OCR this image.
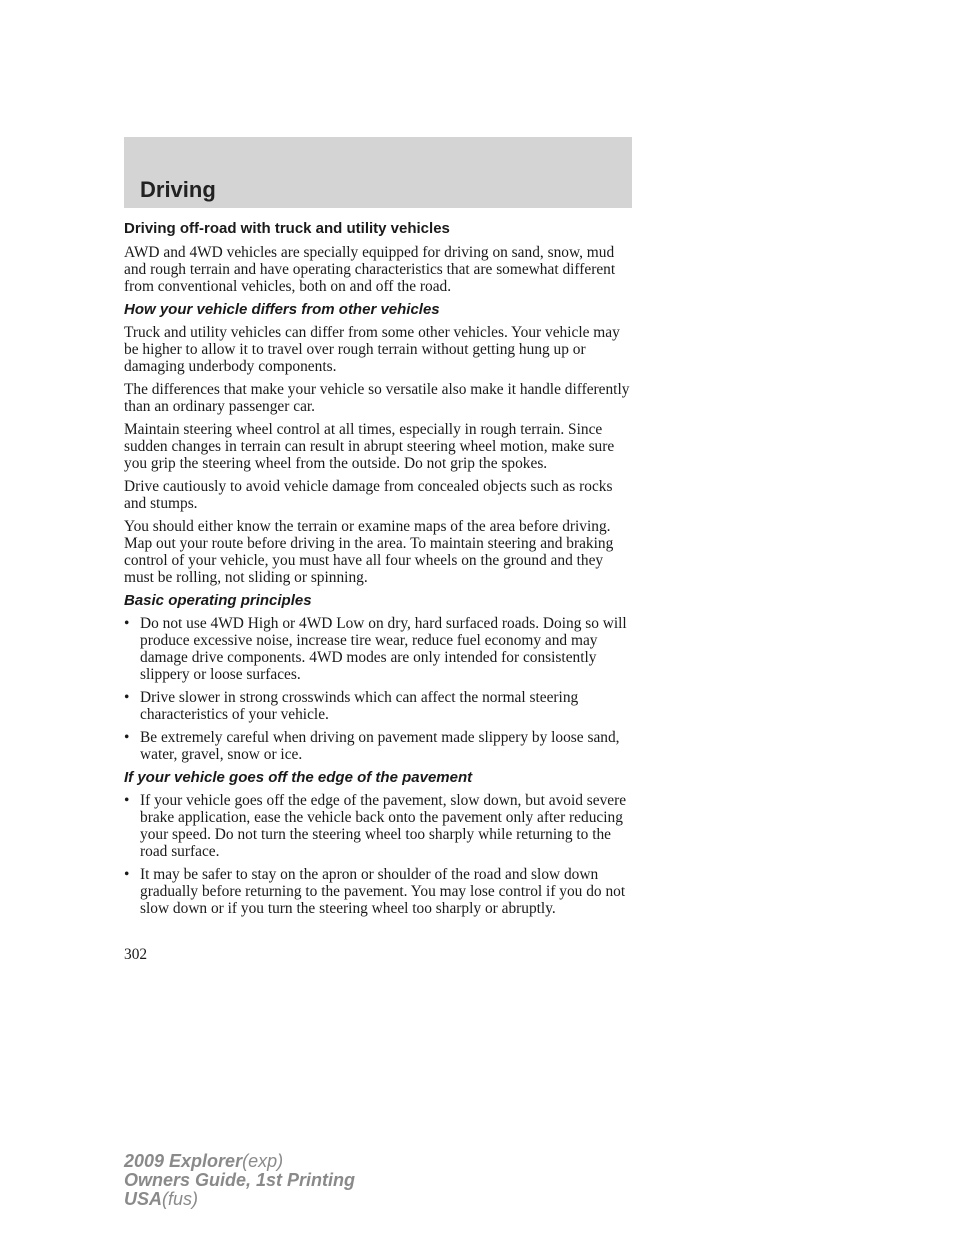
Driving
Driving off-road with truck and utility vehicles

AWD and 4WD vehicles are specially equipped for driving on sand, snow, mud and rough terrain and have operating characteristics that are somewhat different from conventional vehicles, both on and off the road.

How your vehicle differs from other vehicles

Truck and utility vehicles can differ from some other vehicles. Your vehicle may be higher to allow it to travel over rough terrain without getting hung up or damaging underbody components.

The differences that make your vehicle so versatile also make it handle differently than an ordinary passenger car.

Maintain steering wheel control at all times, especially in rough terrain. Since sudden changes in terrain can result in abrupt steering wheel motion, make sure you grip the steering wheel from the outside. Do not grip the spokes.

Drive cautiously to avoid vehicle damage from concealed objects such as rocks and stumps.

You should either know the terrain or examine maps of the area before driving. Map out your route before driving in the area. To maintain steering and braking control of your vehicle, you must have all four wheels on the ground and they must be rolling, not sliding or spinning.

Basic operating principles
• Do not use 4WD High or 4WD Low on dry, hard surfaced roads. Doing so will produce excessive noise, increase tire wear, reduce fuel economy and may damage drive components. 4WD modes are only intended for consistently slippery or loose surfaces.
• Drive slower in strong crosswinds which can affect the normal steering characteristics of your vehicle.
• Be extremely careful when driving on pavement made slippery by loose sand, water, gravel, snow or ice.
If your vehicle goes off the edge of the pavement
• If your vehicle goes off the edge of the pavement, slow down, but avoid severe brake application, ease the vehicle back onto the pavement only after reducing your speed. Do not turn the steering wheel too sharply while returning to the road surface.
• It may be safer to stay on the apron or shoulder of the road and slow down gradually before returning to the pavement. You may lose control if you do not slow down or if you turn the steering wheel too sharply or abruptly.
302
2009 Explorer(exp)
Owners Guide, 1st Printing
USA(fus)
